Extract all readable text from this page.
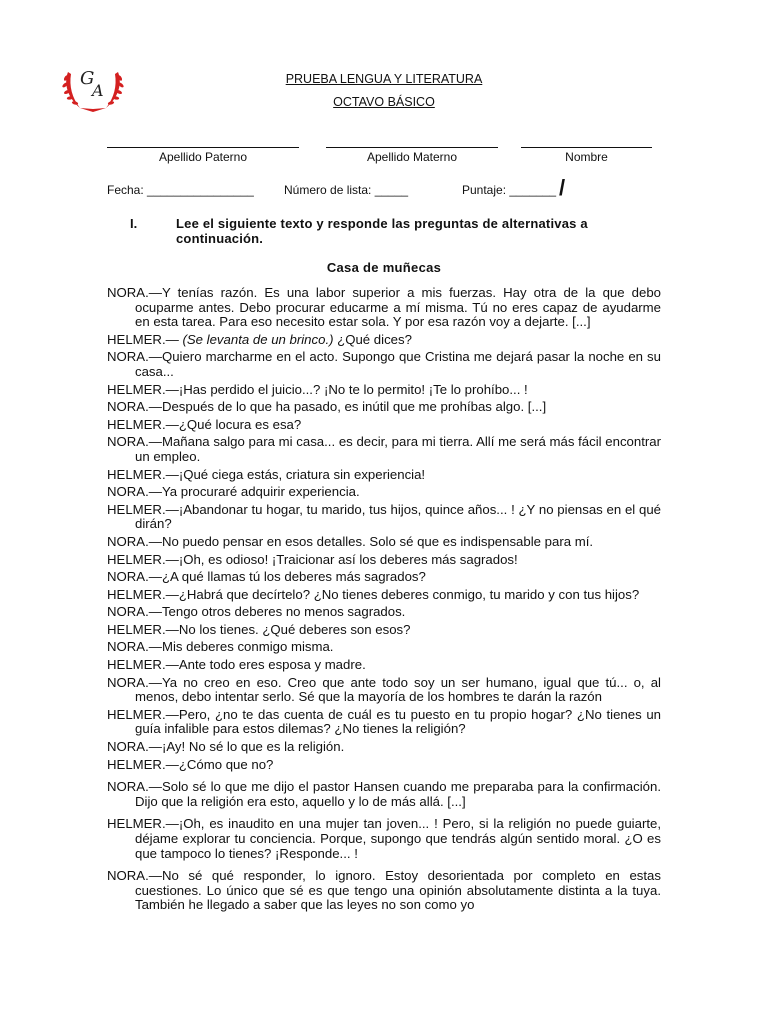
G
A
PRUEBA LENGUA Y LITERATURA
OCTAVO BÁSICO
Apellido Paterno	Apellido Materno	Nombre
Fecha: ________________	Número de lista: _____	Puntaje: _______ /
I.	Lee el siguiente texto y responde las preguntas de alternativas a continuación.
Casa de muñecas

NORA.—Y tenías razón. Es una labor superior a mis fuerzas. Hay otra de la que debo ocuparme antes. Debo procurar educarme a mí misma. Tú no eres capaz de ayudarme en esta tarea. Para eso necesito estar sola. Y por esa razón voy a dejarte. [...]

HELMER.— (Se levanta de un brinco.) ¿Qué dices?

NORA.—Quiero marcharme en el acto. Supongo que Cristina me dejará pasar la noche en su casa...

HELMER.—¡Has perdido el juicio...? ¡No te lo permito! ¡Te lo prohíbo... !

NORA.—Después de lo que ha pasado, es inútil que me prohíbas algo. [...]

HELMER.—¿Qué locura es esa?

NORA.—Mañana salgo para mi casa... es decir, para mi tierra. Allí me será más fácil encontrar un empleo.

HELMER.—¡Qué ciega estás, criatura sin experiencia!

NORA.—Ya procuraré adquirir experiencia.

HELMER.—¡Abandonar tu hogar, tu marido, tus hijos, quince años... ! ¿Y no piensas en el qué dirán?

NORA.—No puedo pensar en esos detalles. Solo sé que es indispensable para mí.

HELMER.—¡Oh, es odioso! ¡Traicionar así los deberes más sagrados!

NORA.—¿A qué llamas tú los deberes más sagrados?

HELMER.—¿Habrá que decírtelo? ¿No tienes deberes conmigo, tu marido y con tus hijos?

NORA.—Tengo otros deberes no menos sagrados.

HELMER.—No los tienes. ¿Qué deberes son esos?

NORA.—Mis deberes conmigo misma.

HELMER.—Ante todo eres esposa y madre.

NORA.—Ya no creo en eso. Creo que ante todo soy un ser humano, igual que tú... o, al menos, debo intentar serlo. Sé que la mayoría de los hombres te darán la razón

HELMER.—Pero, ¿no te das cuenta de cuál es tu puesto en tu propio hogar? ¿No tienes un guía infalible para estos dilemas? ¿No tienes la religión?

NORA.—¡Ay! No sé lo que es la religión.

HELMER.—¿Cómo que no?

NORA.—Solo sé lo que me dijo el pastor Hansen cuando me preparaba para la confirmación. Dijo que la religión era esto, aquello y lo de más allá. [...]

HELMER.—¡Oh, es inaudito en una mujer tan joven... ! Pero, si la religión no puede guiarte, déjame explorar tu conciencia. Porque, supongo que tendrás algún sentido moral. ¿O es que tampoco lo tienes? ¡Responde... !

NORA.—No sé qué responder, lo ignoro. Estoy desorientada por completo en estas cuestiones. Lo único que sé es que tengo una opinión absolutamente distinta a la tuya. También he llegado a saber que las leyes no son como yo
